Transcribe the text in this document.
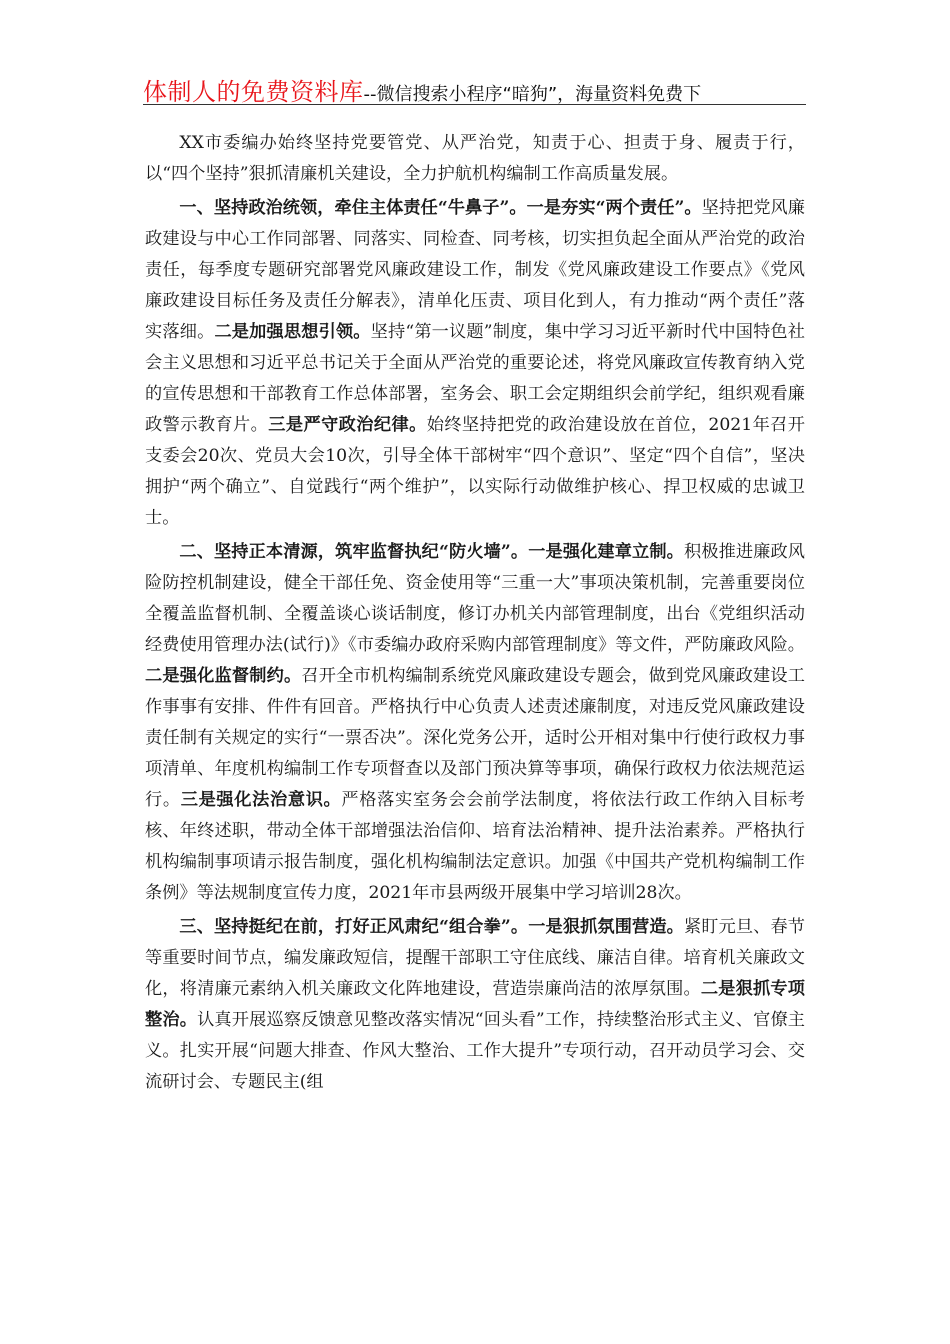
体制人的免费资料库--微信搜索小程序“暗狗”，海量资料免费下

XX市委编办始终坚持党要管党、从严治党，知责于心、担责于身、履责于行，以“四个坚持”狠抓清廉机关建设，全力护航机构编制工作高质量发展。

一、坚持政治统领，牵住主体责任“牛鼻子”。一是夯实“两个责任”。坚持把党风廉政建设与中心工作同部署、同落实、同检查、同考核，切实担负起全面从严治党的政治责任，每季度专题研究部署党风廉政建设工作，制发《党风廉政建设工作要点》《党风廉政建设目标任务及责任分解表》，清单化压责、项目化到人，有力推动“两个责任”落实落细。二是加强思想引领。坚持“第一议题”制度，集中学习习近平新时代中国特色社会主义思想和习近平总书记关于全面从严治党的重要论述，将党风廉政宣传教育纳入党的宣传思想和干部教育工作总体部署，室务会、职工会定期组织会前学纪，组织观看廉政警示教育片。三是严守政治纪律。始终坚持把党的政治建设放在首位，2021年召开支委会20次、党员大会10次，引导全体干部树牢“四个意识”、坚定“四个自信”，坚决拥护“两个确立”、自觉践行“两个维护”，以实际行动做维护核心、捍卫权威的忠诚卫士。

二、坚持正本清源，筑牢监督执纪“防火墙”。一是强化建章立制。积极推进廉政风险防控机制建设，健全干部任免、资金使用等“三重一大”事项决策机制，完善重要岗位全覆盖监督机制、全覆盖谈心谈话制度，修订办机关内部管理制度，出台《党组织活动经费使用管理办法(试行)》《市委编办政府采购内部管理制度》等文件，严防廉政风险。二是强化监督制约。召开全市机构编制系统党风廉政建设专题会，做到党风廉政建设工作事事有安排、件件有回音。严格执行中心负责人述责述廉制度，对违反党风廉政建设责任制有关规定的实行“一票否决”。深化党务公开，适时公开相对集中行使行政权力事项清单、年度机构编制工作专项督查以及部门预决算等事项，确保行政权力依法规范运行。三是强化法治意识。严格落实室务会会前学法制度，将依法行政工作纳入目标考核、年终述职，带动全体干部增强法治信仰、培育法治精神、提升法治素养。严格执行机构编制事项请示报告制度，强化机构编制法定意识。加强《中国共产党机构编制工作条例》等法规制度宣传力度，2021年市县两级开展集中学习培训28次。

三、坚持挺纪在前，打好正风肃纪“组合拳”。一是狠抓氛围营造。紧盯元旦、春节等重要时间节点，编发廉政短信，提醒干部职工守住底线、廉洁自律。培育机关廉政文化，将清廉元素纳入机关廉政文化阵地建设，营造崇廉尚洁的浓厚氛围。二是狠抓专项整治。认真开展巡察反馈意见整改落实情况“回头看”工作，持续整治形式主义、官僚主义。扎实开展“问题大排查、作风大整治、工作大提升”专项行动，召开动员学习会、交流研讨会、专题民主(组
